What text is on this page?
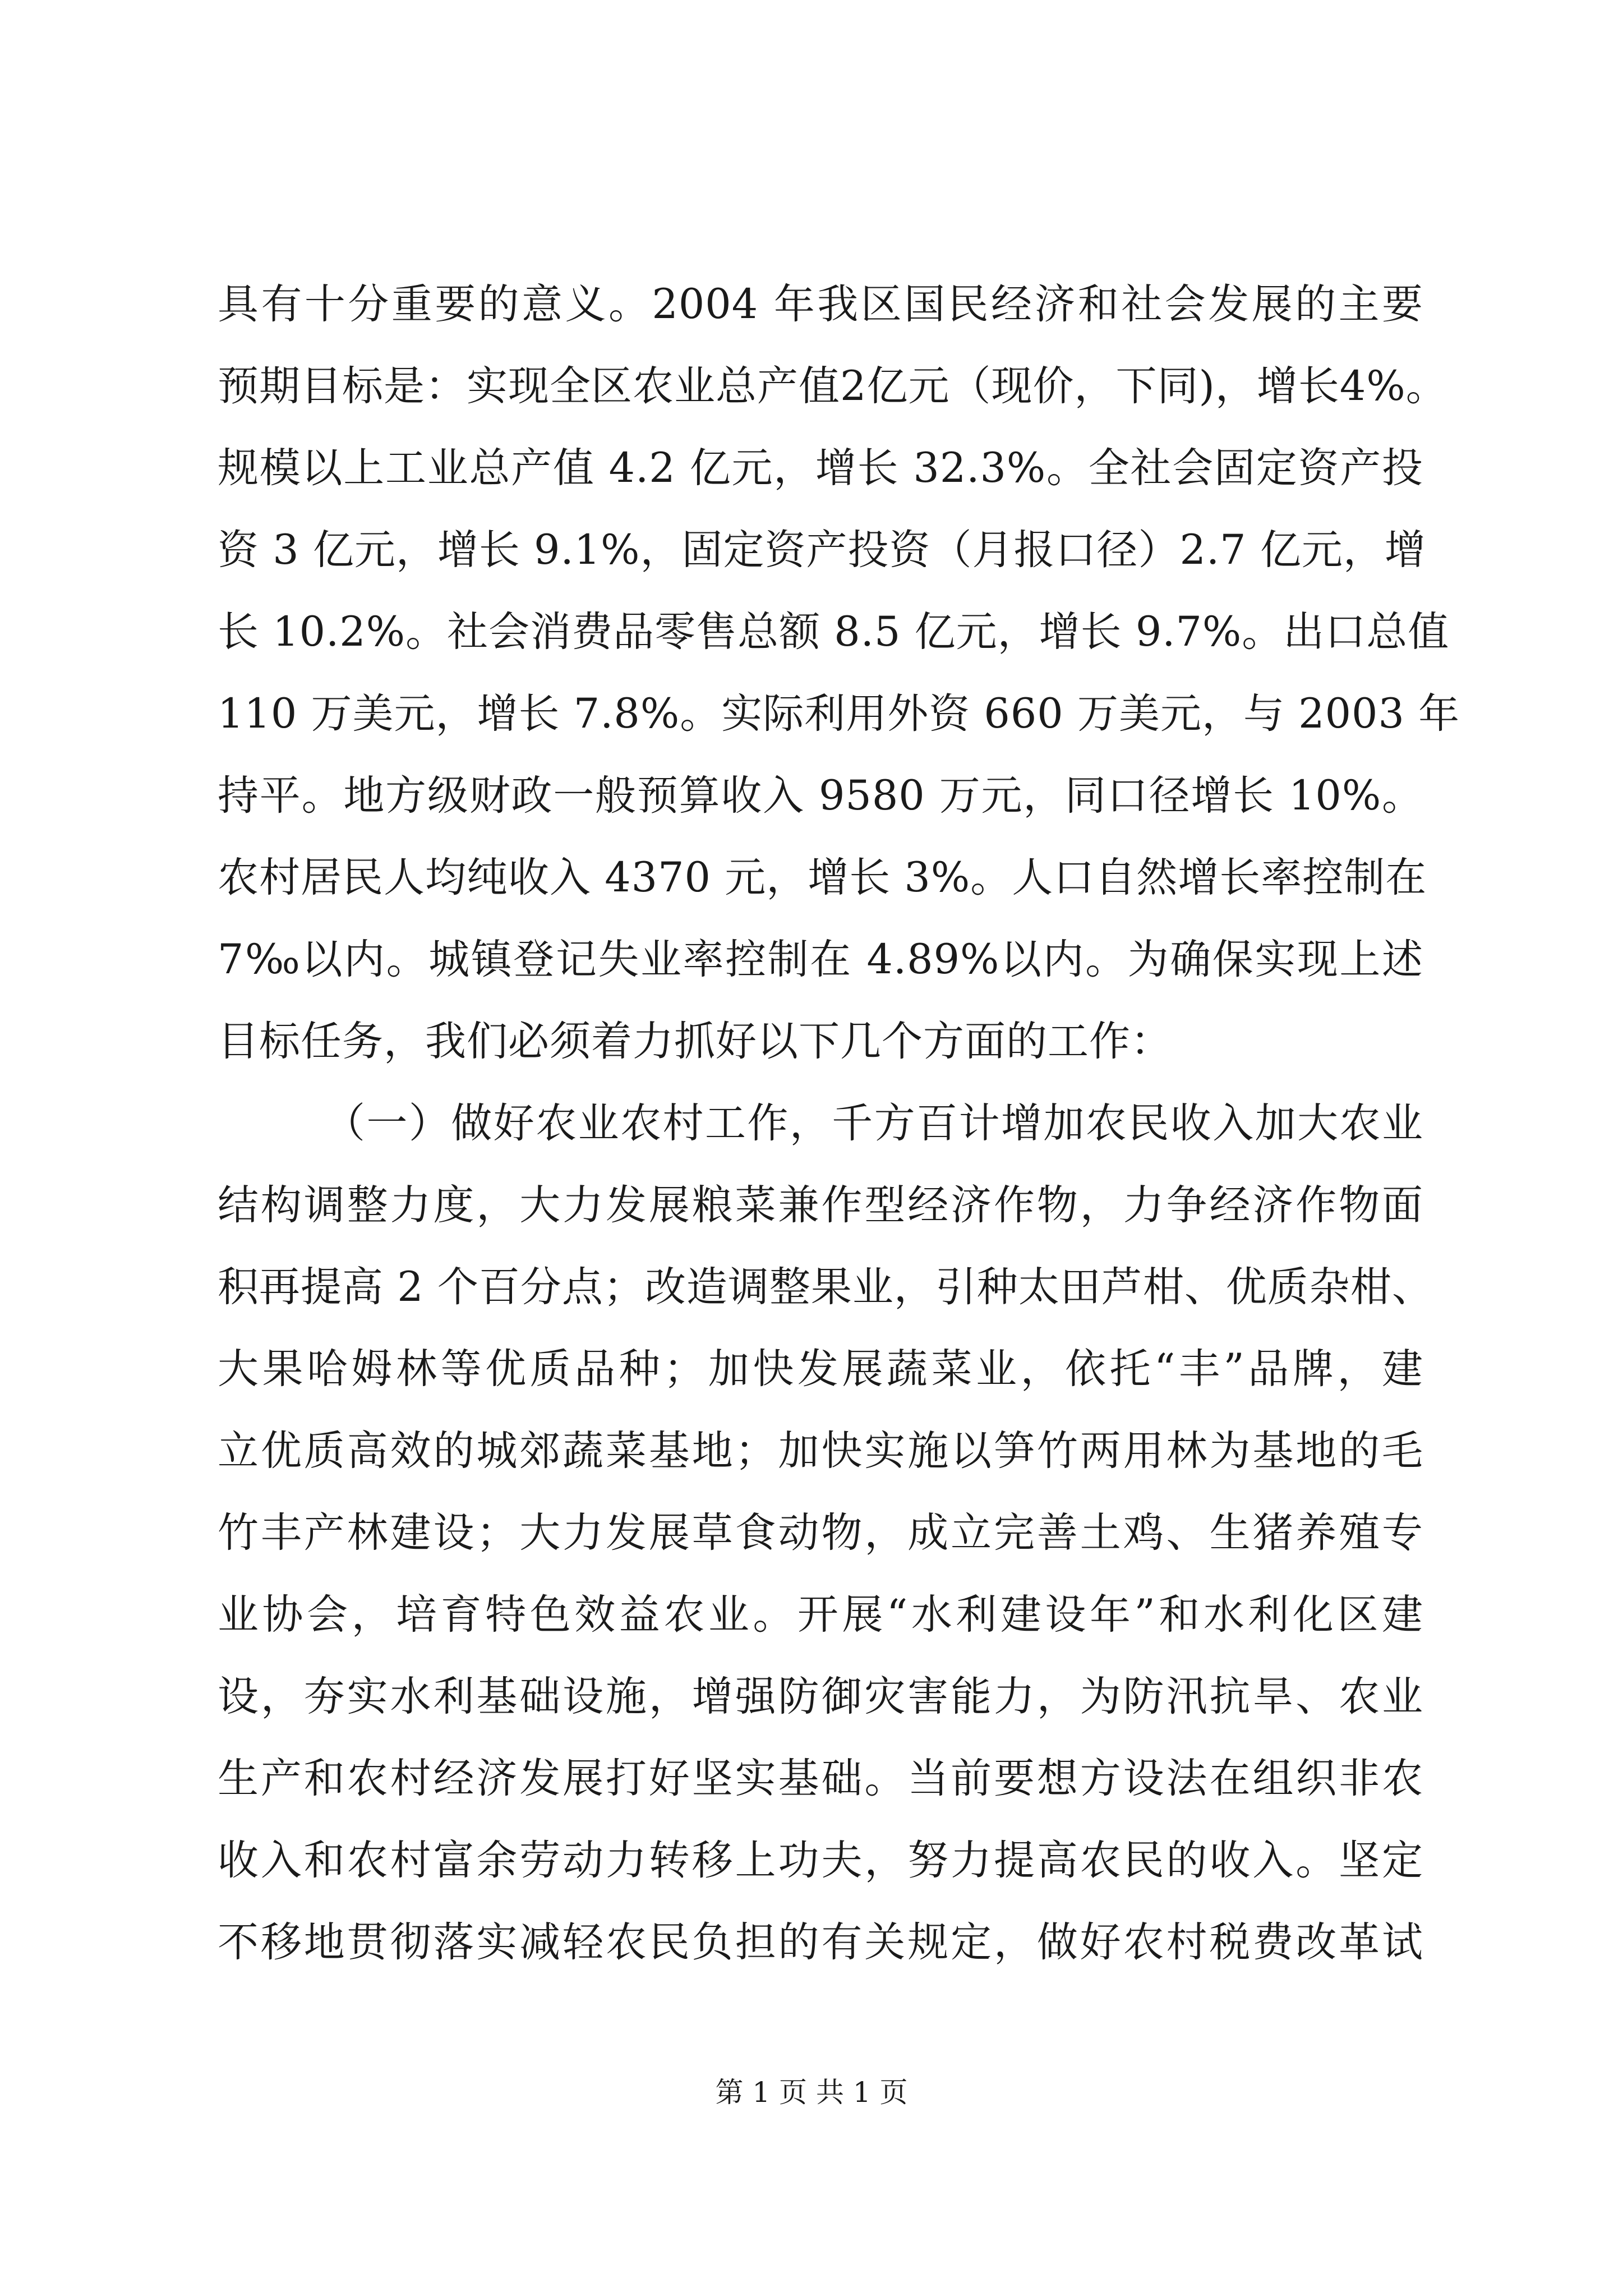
具有十分重要的意义。2004 年我区国民经济和社会发展的主要
预期目标是：实现全区农业总产值2亿元（现价，下同)，增长4%。
规模以上工业总产值 4.2 亿元，增长 32.3%。全社会固定资产投
资 3 亿元，增长 9.1%，固定资产投资（月报口径）2.7 亿元，增
长 10.2%。社会消费品零售总额 8.5 亿元，增长 9.7%。出口总值
110 万美元，增长 7.8%。实际利用外资 660 万美元，与 2003 年
持平。地方级财政一般预算收入 9580 万元，同口径增长 10%。
农村居民人均纯收入 4370 元，增长 3%。人口自然增长率控制在
7‰以内。城镇登记失业率控制在 4.89%以内。为确保实现上述
目标任务，我们必须着力抓好以下几个方面的工作：
（一）做好农业农村工作，千方百计增加农民收入加大农业
结构调整力度，大力发展粮菜兼作型经济作物，力争经济作物面
积再提高 2 个百分点；改造调整果业，引种太田芦柑、优质杂柑、
大果哈姆林等优质品种；加快发展蔬菜业，依托“丰”品牌，建
立优质高效的城郊蔬菜基地；加快实施以笋竹两用林为基地的毛
竹丰产林建设；大力发展草食动物，成立完善土鸡、生猪养殖专
业协会，培育特色效益农业。开展“水利建设年”和水利化区建
设，夯实水利基础设施，增强防御灾害能力，为防汛抗旱、农业
生产和农村经济发展打好坚实基础。当前要想方设法在组织非农
收入和农村富余劳动力转移上功夫，努力提高农民的收入。坚定
不移地贯彻落实减轻农民负担的有关规定，做好农村税费改革试
第 1 页 共 1 页
